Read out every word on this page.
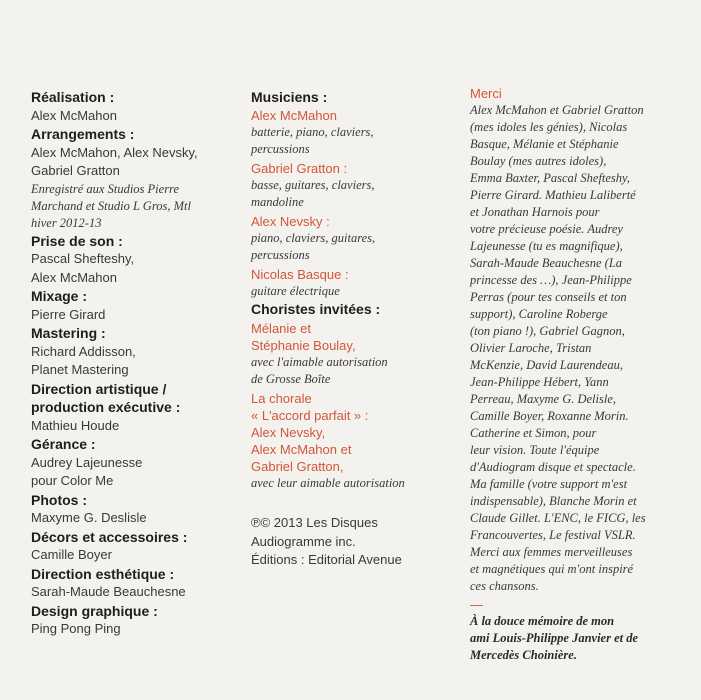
Réalisation :
Alex McMahon
Arrangements :
Alex McMahon, Alex Nevsky,
Gabriel Gratton
Enregistré aux Studios Pierre
Marchand et Studio L Gros, Mtl
hiver 2012-13
Prise de son :
Pascal Shefteshy,
Alex McMahon
Mixage :
Pierre Girard
Mastering :
Richard Addisson,
Planet Mastering
Direction artistique /
production exécutive :
Mathieu Houde
Gérance :
Audrey Lajeunesse
pour Color Me
Photos :
Maxyme G. Deslisle
Décors et accessoires :
Camille Boyer
Direction esthétique :
Sarah-Maude Beauchesne
Design graphique :
Ping Pong Ping
Musiciens :
Alex McMahon
batterie, piano, claviers,
percussions
Gabriel Gratton :
basse, guitares, claviers,
mandoline
Alex Nevsky :
piano, claviers, guitares,
percussions
Nicolas Basque :
guitare électrique
Choristes invitées :
Mélanie et
Stéphanie Boulay,
avec l'aimable autorisation
de Grosse Boîte
La chorale
« L'accord parfait » :
Alex Nevsky,
Alex McMahon et
Gabriel Gratton,
avec leur aimable autorisation
℗© 2013 Les Disques
Audiogramme inc.
Éditions : Editorial Avenue
Merci
Alex McMahon et Gabriel Gratton
(mes idoles les génies), Nicolas
Basque, Mélanie et Stéphanie
Boulay (mes autres idoles),
Emma Baxter, Pascal Shefteshy,
Pierre Girard. Mathieu Laliberté
et Jonathan Harnois pour
votre précieuse poésie. Audrey
Lajeunesse (tu es magnifique),
Sarah-Maude Beauchesne (La
princesse des …), Jean-Philippe
Perras (pour tes conseils et ton
support), Caroline Roberge
(ton piano !), Gabriel Gagnon,
Olivier Laroche, Tristan
McKenzie, David Laurendeau,
Jean-Philippe Hébert, Yann
Perreau, Maxyme G. Delisle,
Camille Boyer, Roxanne Morin.
Catherine et Simon, pour
leur vision. Toute l'équipe
d'Audiogram disque et spectacle.
Ma famille (votre support m'est
indispensable), Blanche Morin et
Claude Gillet. L'ENC, le FICG, les
Francouvertes, Le festival VSLR.
Merci aux femmes merveilleuses
et magnétiques qui m'ont inspiré
ces chansons.
—
À la douce mémoire de mon
ami Louis-Philippe Janvier et de
Mercedès Choinière.
